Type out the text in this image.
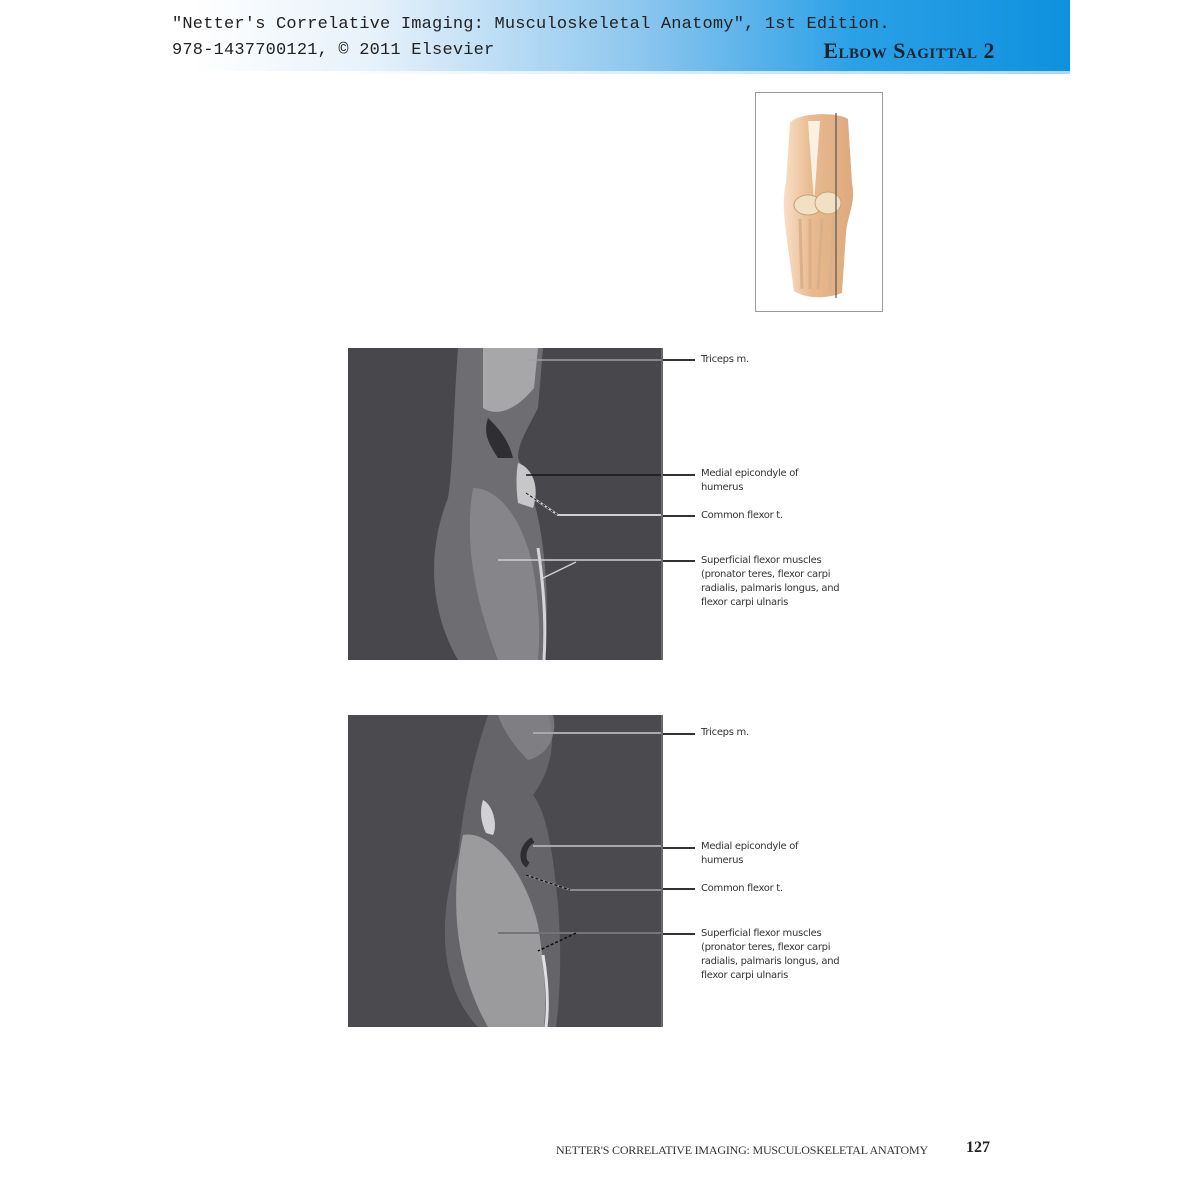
"Netter's Correlative Imaging: Musculoskeletal Anatomy", 1st Edition.
978-1437700121, © 2011 Elsevier	Elbow Sagittal 2
Triceps m.
Medial epicondyle of humerus
Common flexor t.
Superficial flexor muscles (pronator teres, flexor carpi radialis, palmaris longus, and flexor carpi ulnaris
Triceps m.
Medial epicondyle of humerus
Common flexor t.
Superficial flexor muscles (pronator teres, flexor carpi radialis, palmaris longus, and flexor carpi ulnaris
NETTER'S CORRELATIVE IMAGING: MUSCULOSKELETAL ANATOMY 127
